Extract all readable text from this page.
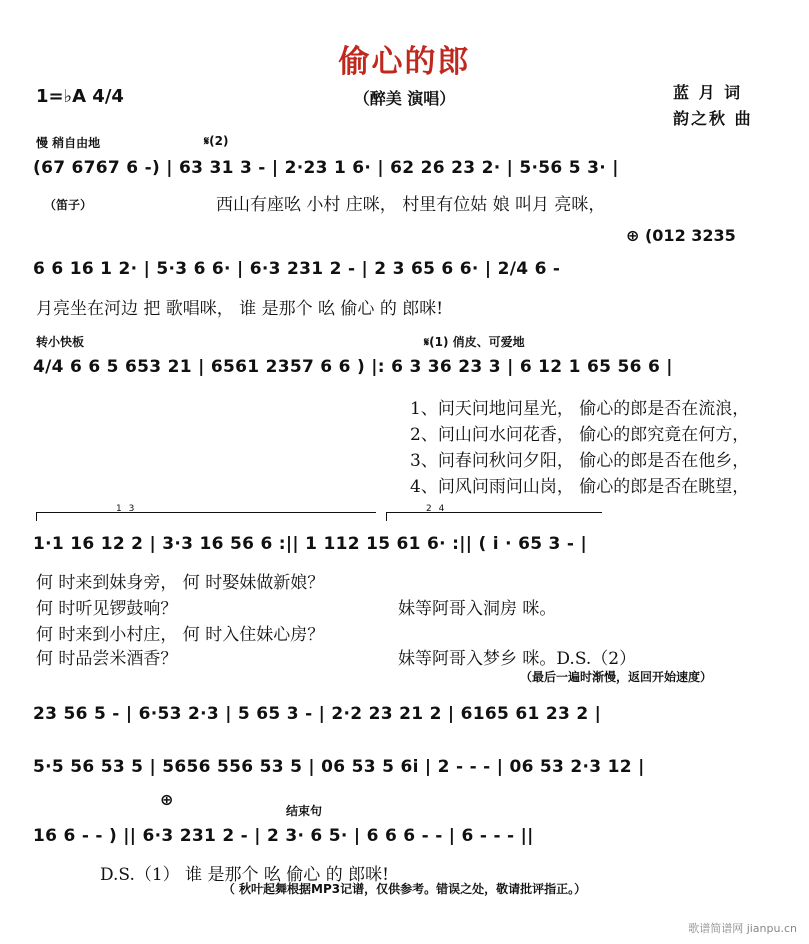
偷心的郎
1=♭A 4/4	（醉美 演唱）	蓝 月 词
韵之秋 曲
慢 稍自由地	𝄋(2)
(67 6767 6 -) | 63 31 3 - | 2·23 1 6· | 62 26 23 2· | 5·56 5 3· |
（笛子）	西山有座吆 小村 庄咪， 村里有位姑 娘 叫月 亮咪，
⊕ (012 3235
6 6 16 1 2· | 5·3 6 6· | 6·3 231 2 - | 2 3 65 6 6· | 2/4 6 -
月亮坐在河边 把 歌唱咪， 谁 是那个 吆 偷心 的 郎咪!
转小快板	𝄋(1) 俏皮、可爱地
4/4 6 6 5 653 21 | 6561 2357 6 6 ) |: 6 3 36 23 3 | 6 12 1 65 56 6 |
1、问天问地问星光， 偷心的郎是否在流浪，
2、问山问水问花香， 偷心的郎究竟在何方，
3、问春问秋问夕阳， 偷心的郎是否在他乡，
4、问风问雨问山岗， 偷心的郎是否在眺望，
1 3	2 4
1·1 16 12 2 | 3·3 16 56 6 :|| 1 112 15 61 6· :|| ( i · 65 3 - |
何 时来到妹身旁， 何 时娶妹做新娘？
何 时听见锣鼓响？	妹等阿哥入洞房 咪。
何 时来到小村庄， 何 时入住妹心房？
何 时品尝米酒香？	妹等阿哥入梦乡 咪。D.S.（2）
（最后一遍时渐慢，返回开始速度）
23 56 5 - | 6·53 2·3 | 5 65 3 - | 2·2 23 21 2 | 6165 61 23 2 |
5·5 56 53 5 | 5656 556 53 5 | 06 53 5 6i | 2 - - - | 06 53 2·3 12 |
⊕
结束句
16 6 - - ) || 6·3 231 2 - | 2 3· 6 5· | 6 6 6 - - | 6 - - - ||
D.S.（1） 谁 是那个 吆 偷心 的 郎咪!
（ 秋叶起舞根据MP3记谱，仅供参考。错误之处，敬请批评指正。）
歌谱简谱网 jianpu.cn
